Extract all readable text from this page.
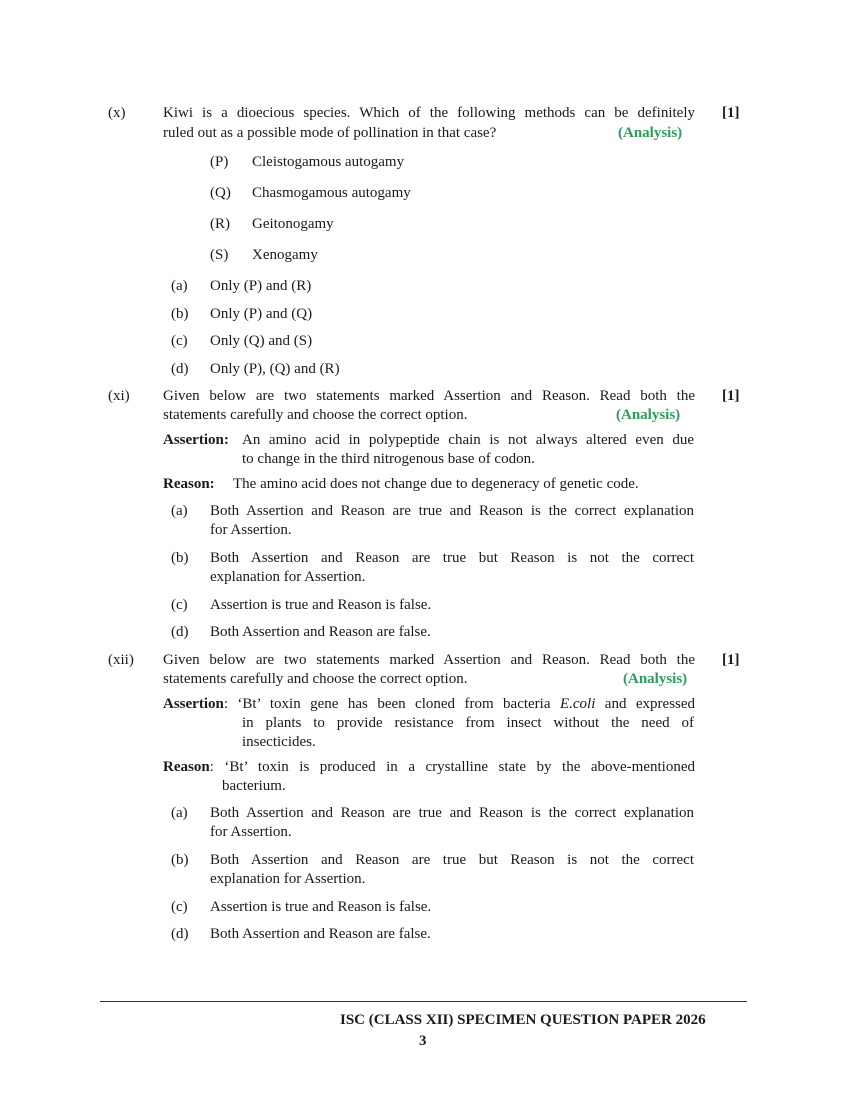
(x)	Kiwi is a dioecious species. Which of the following methods can be definitely [1]
ruled out as a possible mode of pollination in that case?	(Analysis)
(P) Cleistogamous autogamy
(Q) Chasmogamous autogamy
(R) Geitonogamy
(S) Xenogamy
(a) Only (P) and (R)
(b) Only (P) and (Q)
(c) Only (Q) and (S)
(d) Only (P), (Q) and (R)
(xi) Given below are two statements marked Assertion and Reason. Read both the [1]
statements carefully and choose the correct option.	(Analysis)
Assertion: An amino acid in polypeptide chain is not always altered even due
to change in the third nitrogenous base of codon.
Reason: The amino acid does not change due to degeneracy of genetic code.
(a) Both Assertion and Reason are true and Reason is the correct explanation
for Assertion.
(b) Both Assertion and Reason are true but Reason is not the correct
explanation for Assertion.
(c) Assertion is true and Reason is false.
(d) Both Assertion and Reason are false.
(xii) Given below are two statements marked Assertion and Reason. Read both the [1]
statements carefully and choose the correct option.	(Analysis)
Assertion: ‘Bt’ toxin gene has been cloned from bacteria E.coli and expressed
in plants to provide resistance from insect without the need of
insecticides.
Reason: ‘Bt’ toxin is produced in a crystalline state by the above-mentioned
bacterium.
(a) Both Assertion and Reason are true and Reason is the correct explanation
for Assertion.
(b) Both Assertion and Reason are true but Reason is not the correct
explanation for Assertion.
(c) Assertion is true and Reason is false.
(d) Both Assertion and Reason are false.
ISC (CLASS XII) SPECIMEN QUESTION PAPER 2026
3
